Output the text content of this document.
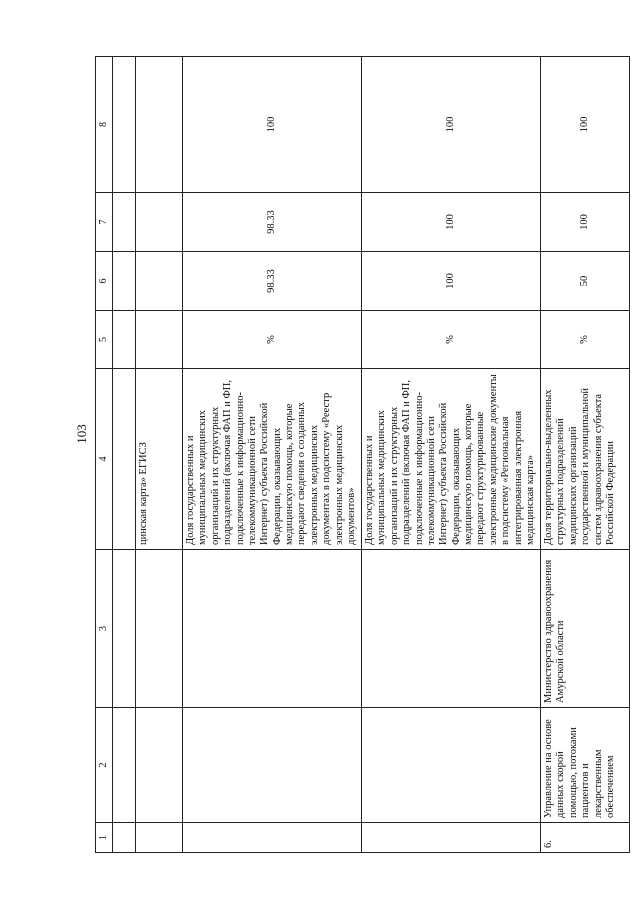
103
1	2	3	4	5	6	7	8

			цинская карта» ЕГИСЗ				
			Доля государственных и муниципальных медицинских организаций и их структурных подразделений (включая ФАП и ФП, подключенные к информационно-телекоммуникационной сети Интернет) субъекта Российской Федерации, оказывающих медицинскую помощь, которые передают сведения о созданных электронных медицинских документах в подсистему «Реестр электронных медицинских документов»	%	98.33	98.33	100
			Доля государственных и муниципальных медицинских организаций и их структурных подразделений (включая ФАП и ФП, подключенные к информационно-телекоммуникационной сети Интернет) субъекта Российской Федерации, оказывающих медицинскую помощь, которые передают структурированные электронные медицинские документы в подсистему «Региональная интегрированная электронная медицинская карта»	%	100	100	100
6.	Управление на основе данных скорой помощью, потоками пациентов и лекарственным обеспечением	Министерство здравоохранения Амурской области	Доля территориально-выделенных структурных подразделений медицинских организаций государственной и муниципальной систем здравоохранения субъекта Российской Федерации	%	50	100	100
